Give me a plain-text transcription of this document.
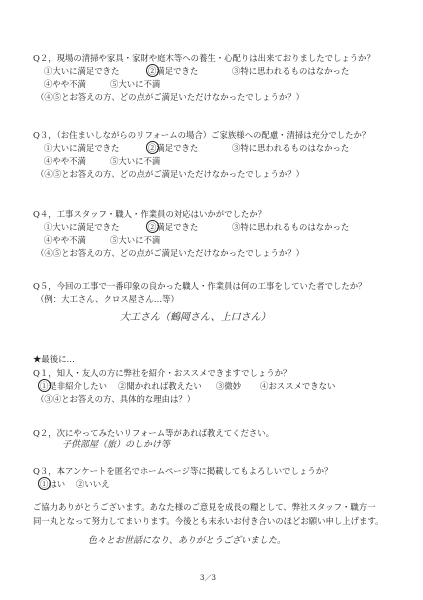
Q２，現場の清掃や家具・家財や庭木等への養生・心配りは出来ておりましたでしょうか？
①大いに満足できた	②満足できた	③特に思われるものはなかった
④やや不満	⑤大いに不満
（④⑤とお答えの方、どの点がご満足いただけなかったでしょうか？）
Q３，（お住まいしながらのリフォームの場合）ご家族様への配慮・清掃は充分でしたか？
①大いに満足できた	②満足できた	③特に思われるものはなかった
④やや不満	⑤大いに不満
（④⑤とお答えの方、どの点がご満足いただけなかったでしょうか？）
Q４，工事スタッフ・職人・作業員の対応はいかがでしたか？
①大いに満足できた	②満足できた	③特に思われるものはなかった
④やや不満	⑤大いに不満
（④⑤とお答えの方、どの点がご満足いただけなかったでしょうか？）
Q５，今回の工事で一番印象の良かった職人・作業員は何の工事をしていた者でしたか？
（例：大工さん、クロス屋さん…等）
大工さん（鶴岡さん、上口さん）
★最後に…
Q１，知人・友人の方に弊社を紹介・おススメできますでしょうか？
①是非紹介したい ②聞かれれば教えたい ③微妙 ④おススメできない
（③④とお答えの方、具体的な理由は？）
Q２，次にやってみたいリフォーム等があれば教えてください。
子供部屋（旅）のしかけ等
Q３，本アンケートを匿名でホームページ等に掲載してもよろしいでしょうか？
①はい ②いいえ
ご協力ありがとうございます。あなた様のご意見を成長の糧として、弊社スタッフ・職方一
同一丸となって努力してまいります。今後とも末永いお付き合いのほどお願い申し上げます。
色々とお世話になり、ありがとうございました。
3／3
